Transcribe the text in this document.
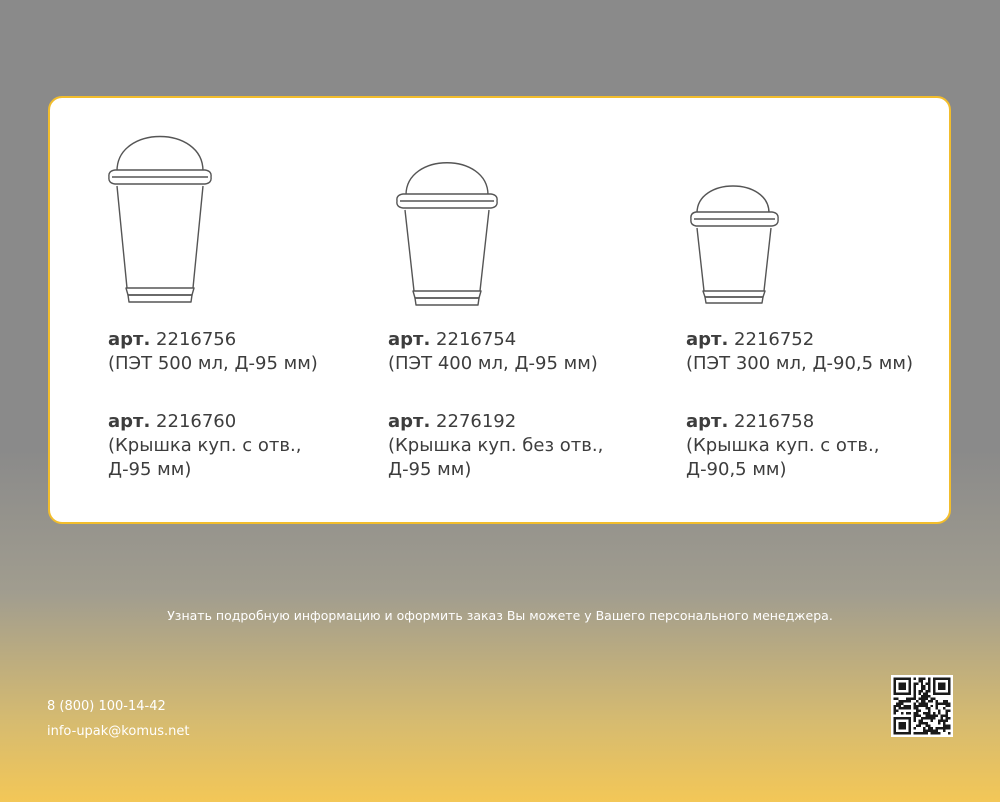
арт. 2216756
(ПЭТ 500 мл, Д-95 мм)
арт. 2216760
(Крышка куп. с отв.,
Д-95 мм)
арт. 2216754
(ПЭТ 400 мл, Д-95 мм)
арт. 2276192
(Крышка куп. без отв.,
Д-95 мм)
арт. 2216752
(ПЭТ 300 мл, Д-90,5 мм)
арт. 2216758
(Крышка куп. с отв.,
Д-90,5 мм)
Узнать подробную информацию и оформить заказ Вы можете у Вашего персонального менеджера.
8 (800) 100-14-42
info-upak@komus.net
